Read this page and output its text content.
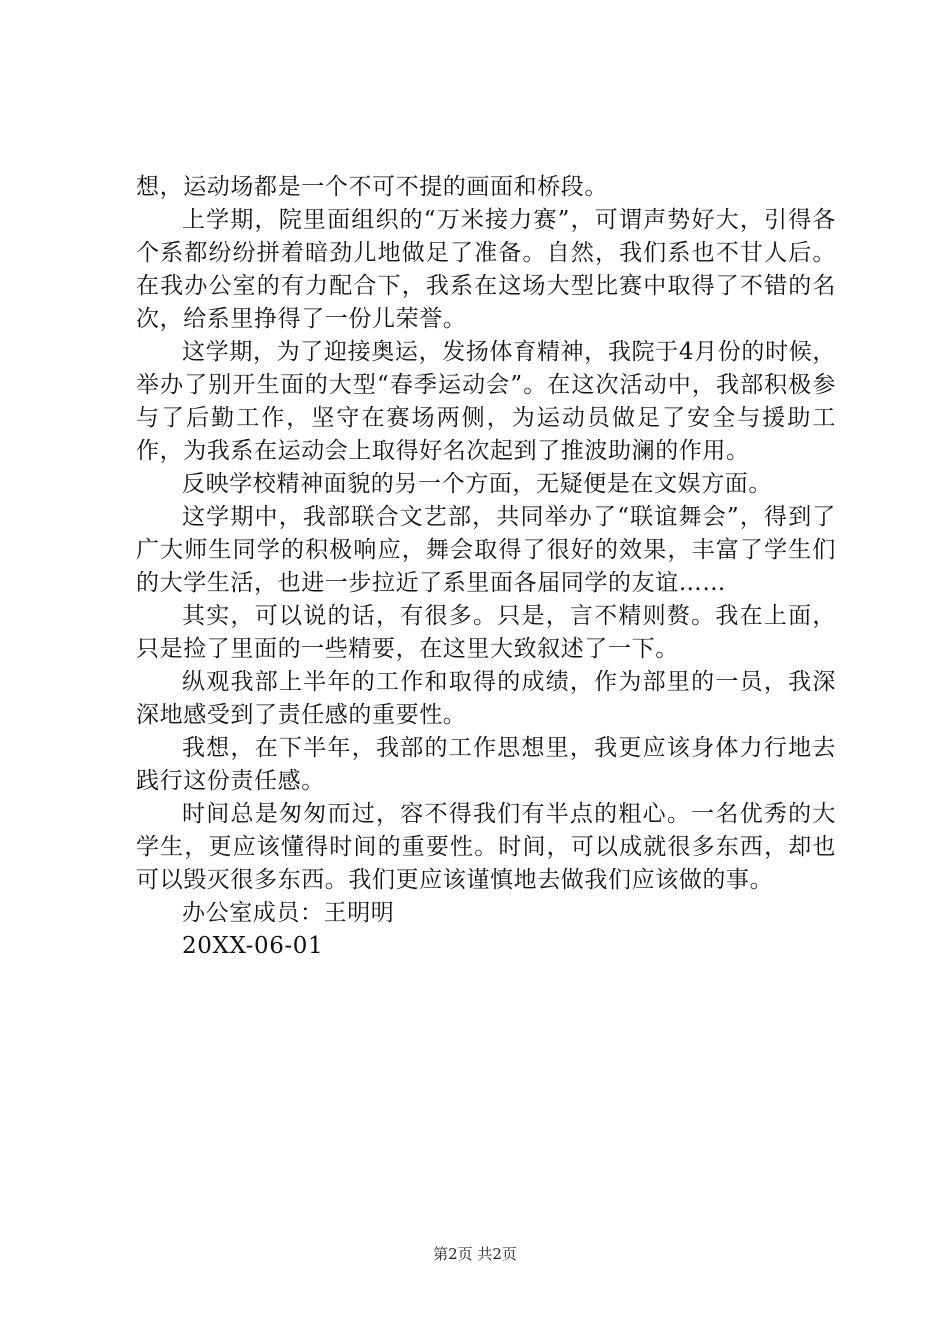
想，运动场都是一个不可不提的画面和桥段。

上学期，院里面组织的“万米接力赛”，可谓声势好大，引得各个系都纷纷拼着暗劲儿地做足了准备。自然，我们系也不甘人后。在我办公室的有力配合下，我系在这场大型比赛中取得了不错的名次，给系里挣得了一份儿荣誉。

这学期，为了迎接奥运，发扬体育精神，我院于4月份的时候，举办了别开生面的大型“春季运动会”。在这次活动中，我部积极参与了后勤工作，坚守在赛场两侧，为运动员做足了安全与援助工作，为我系在运动会上取得好名次起到了推波助澜的作用。

反映学校精神面貌的另一个方面，无疑便是在文娱方面。

这学期中，我部联合文艺部，共同举办了“联谊舞会”，得到了广大师生同学的积极响应，舞会取得了很好的效果，丰富了学生们的大学生活，也进一步拉近了系里面各届同学的友谊……

其实，可以说的话，有很多。只是，言不精则赘。我在上面，只是捡了里面的一些精要，在这里大致叙述了一下。

纵观我部上半年的工作和取得的成绩，作为部里的一员，我深深地感受到了责任感的重要性。

我想，在下半年，我部的工作思想里，我更应该身体力行地去践行这份责任感。

时间总是匆匆而过，容不得我们有半点的粗心。一名优秀的大学生，更应该懂得时间的重要性。时间，可以成就很多东西，却也可以毁灭很多东西。我们更应该谨慎地去做我们应该做的事。

办公室成员：王明明

20XX-06-01

第2页 共2页
